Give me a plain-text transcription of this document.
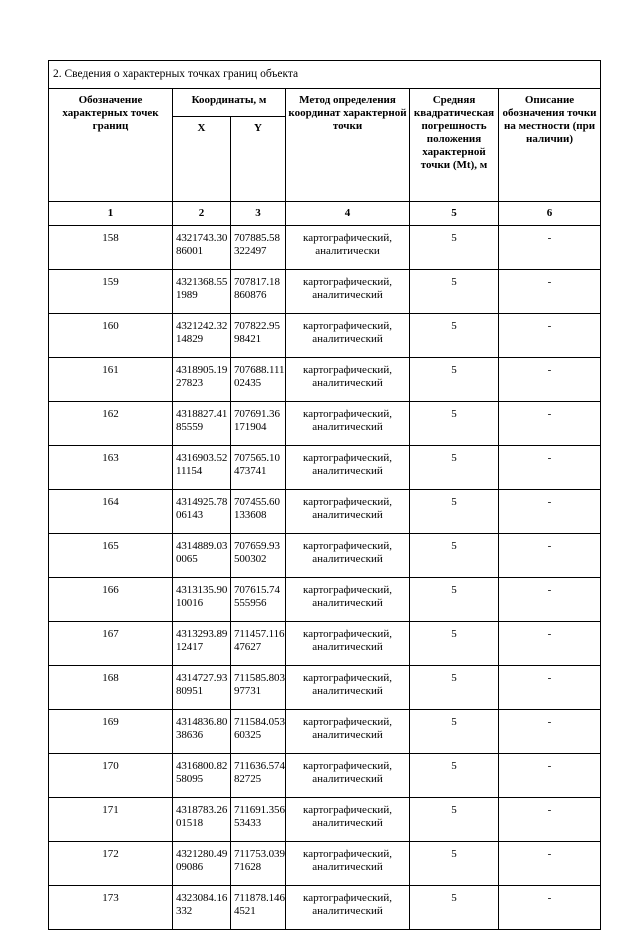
2. Сведения о характерных точках границ объекта					
Обозначение характерных точек границ	Координаты, м		Метод определения координат характерной точки	Средняя квадратическая погрешность положения характерной точки (Mt), м	Описание обозначения точки на местности (при наличии)
	X	Y			
1	2	3	4	5	6
158	4321743.3086001	707885.58322497	картографический, аналитически	5	-
159	4321368.551989	707817.18860876	картографический, аналитический	5	-
160	4321242.3214829	707822.9598421	картографический, аналитический	5	-
161	4318905.1927823	707688.11102435	картографический, аналитический	5	-
162	4318827.4185559	707691.36171904	картографический, аналитический	5	-
163	4316903.5211154	707565.10473741	картографический, аналитический	5	-
164	4314925.7806143	707455.60133608	картографический, аналитический	5	-
165	4314889.030065	707659.93500302	картографический, аналитический	5	-
166	4313135.9010016	707615.74555956	картографический, аналитический	5	-
167	4313293.8912417	711457.11647627	картографический, аналитический	5	-
168	4314727.9380951	711585.80397731	картографический, аналитический	5	-
169	4314836.8038636	711584.05360325	картографический, аналитический	5	-
170	4316800.8258095	711636.57482725	картографический, аналитический	5	-
171	4318783.2601518	711691.35653433	картографический, аналитический	5	-
172	4321280.4909086	711753.03971628	картографический, аналитический	5	-
173	4323084.16332	711878.1464521	картографический, аналитический	5	-
